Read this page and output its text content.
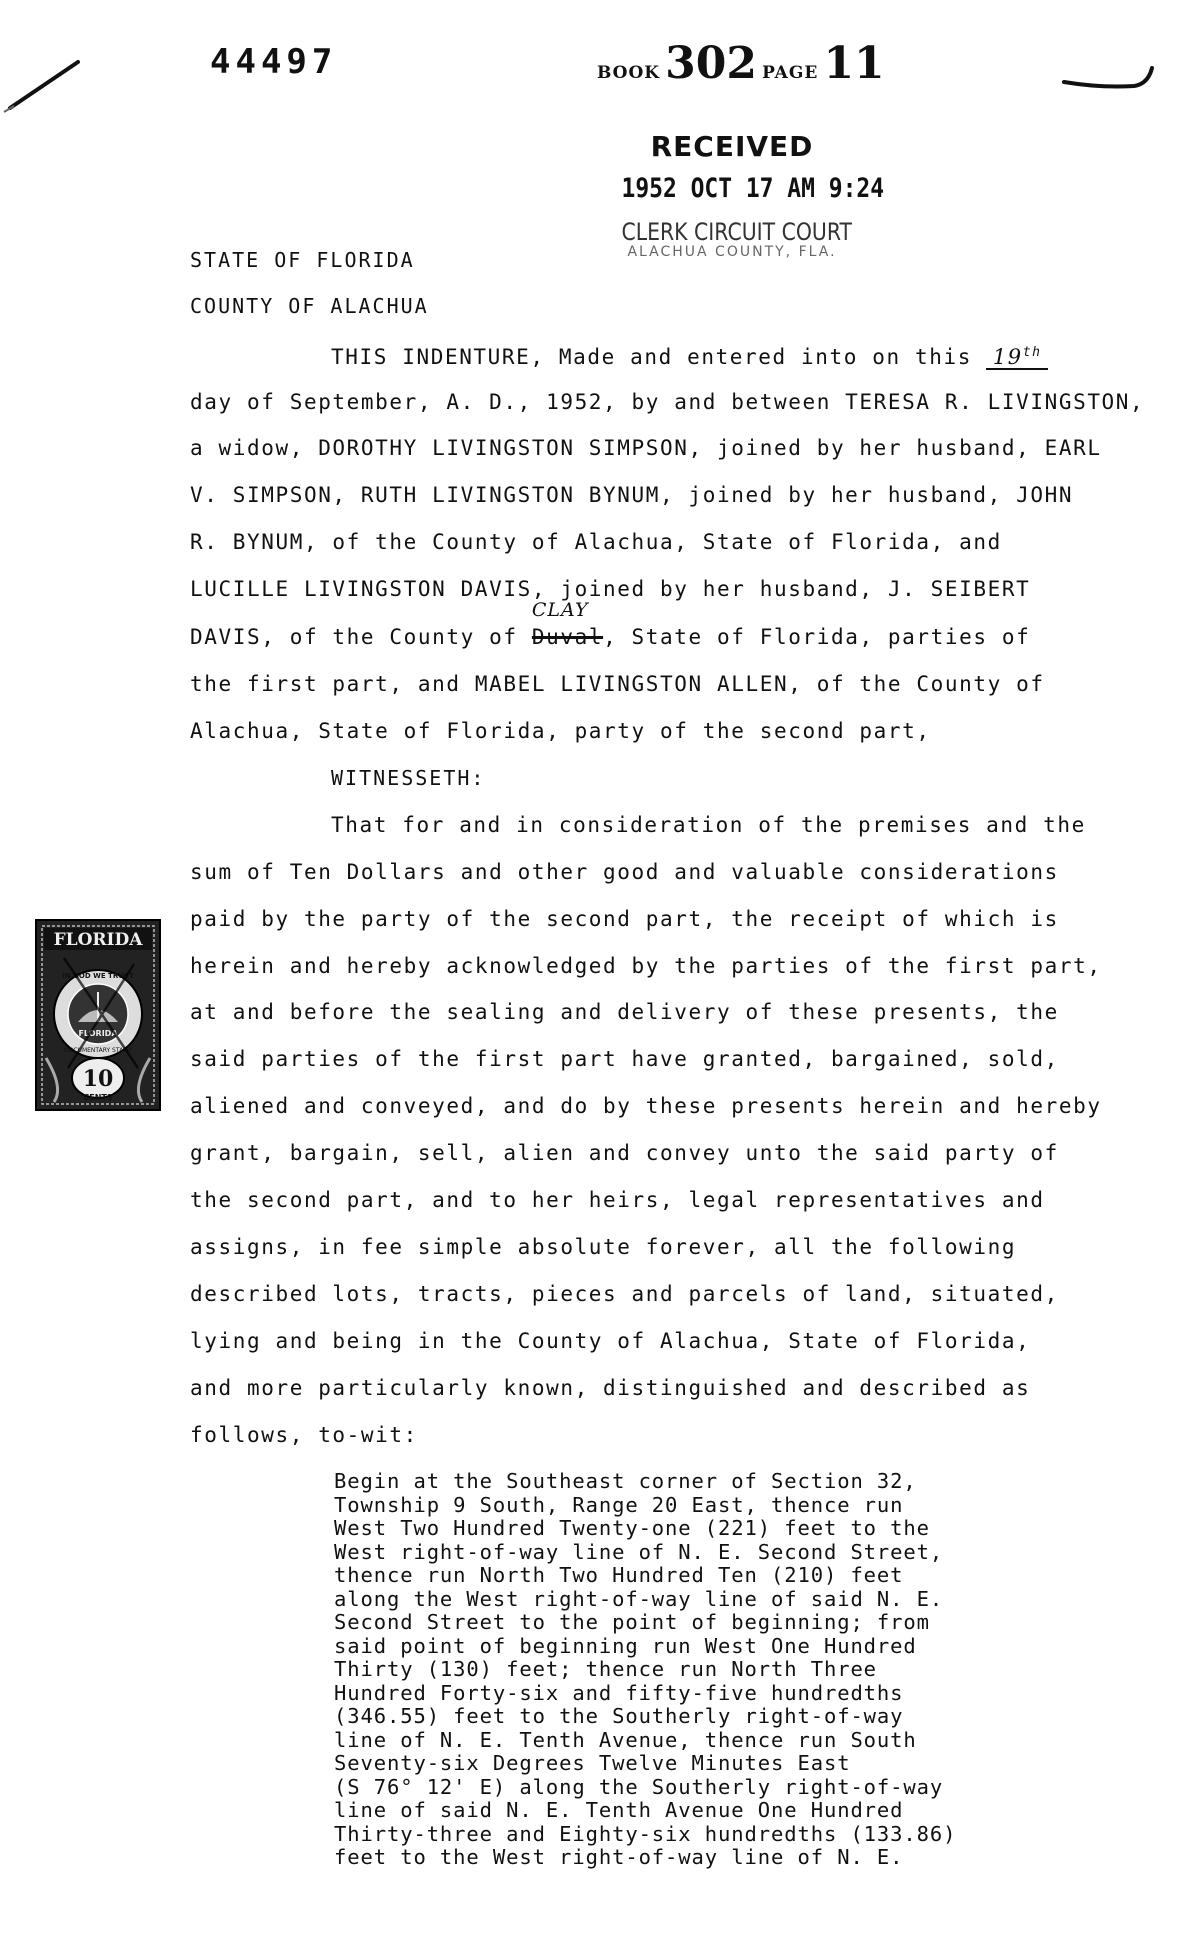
44497	BOOK 302 PAGE 11
RECEIVED
1952 OCT 17 AM 9:24
CLERK CIRCUIT COURT
ALACHUA COUNTY, FLA.
STATE OF FLORIDA
COUNTY OF ALACHUA
THIS INDENTURE, Made and entered into on this 19th
day of September, A. D., 1952, by and between TERESA R. LIVINGSTON,
a widow, DOROTHY LIVINGSTON SIMPSON, joined by her husband, EARL
V. SIMPSON, RUTH LIVINGSTON BYNUM, joined by her husband, JOHN
R. BYNUM, of the County of Alachua, State of Florida, and
LUCILLE LIVINGSTON DAVIS, joined by her husband, J. SEIBERT
DAVIS, of the County of Duval
CLAY
, State of Florida, parties of
the first part, and MABEL LIVINGSTON ALLEN, of the County of
Alachua, State of Florida, party of the second part,
WITNESSETH:
That for and in consideration of the premises and the
sum of Ten Dollars and other good and valuable considerations
paid by the party of the second part, the receipt of which is
herein and hereby acknowledged by the parties of the first part,
at and before the sealing and delivery of these presents, the
said parties of the first part have granted, bargained, sold,
aliened and conveyed, and do by these presents herein and hereby
grant, bargain, sell, alien and convey unto the said party of
the second part, and to her heirs, legal representatives and
assigns, in fee simple absolute forever, all the following
described lots, tracts, pieces and parcels of land, situated,
lying and being in the County of Alachua, State of Florida,
and more particularly known, distinguished and described as
follows, to-wit:
Begin at the Southeast corner of Section 32,
Township 9 South, Range 20 East, thence run
West Two Hundred Twenty-one (221) feet to the
West right-of-way line of N. E. Second Street,
thence run North Two Hundred Ten (210) feet
along the West right-of-way line of said N. E.
Second Street to the point of beginning; from
said point of beginning run West One Hundred
Thirty (130) feet; thence run North Three
Hundred Forty-six and fifty-five hundredths
(346.55) feet to the Southerly right-of-way
line of N. E. Tenth Avenue, thence run South
Seventy-six Degrees Twelve Minutes East
(S 76° 12' E) along the Southerly right-of-way
line of said N. E. Tenth Avenue One Hundred
Thirty-three and Eighty-six hundredths (133.86)
feet to the West right-of-way line of N. E.
FLORIDA
IN GOD WE TRUST
FLORIDA
DOCUMENTARY STAMP
10
CENTS
